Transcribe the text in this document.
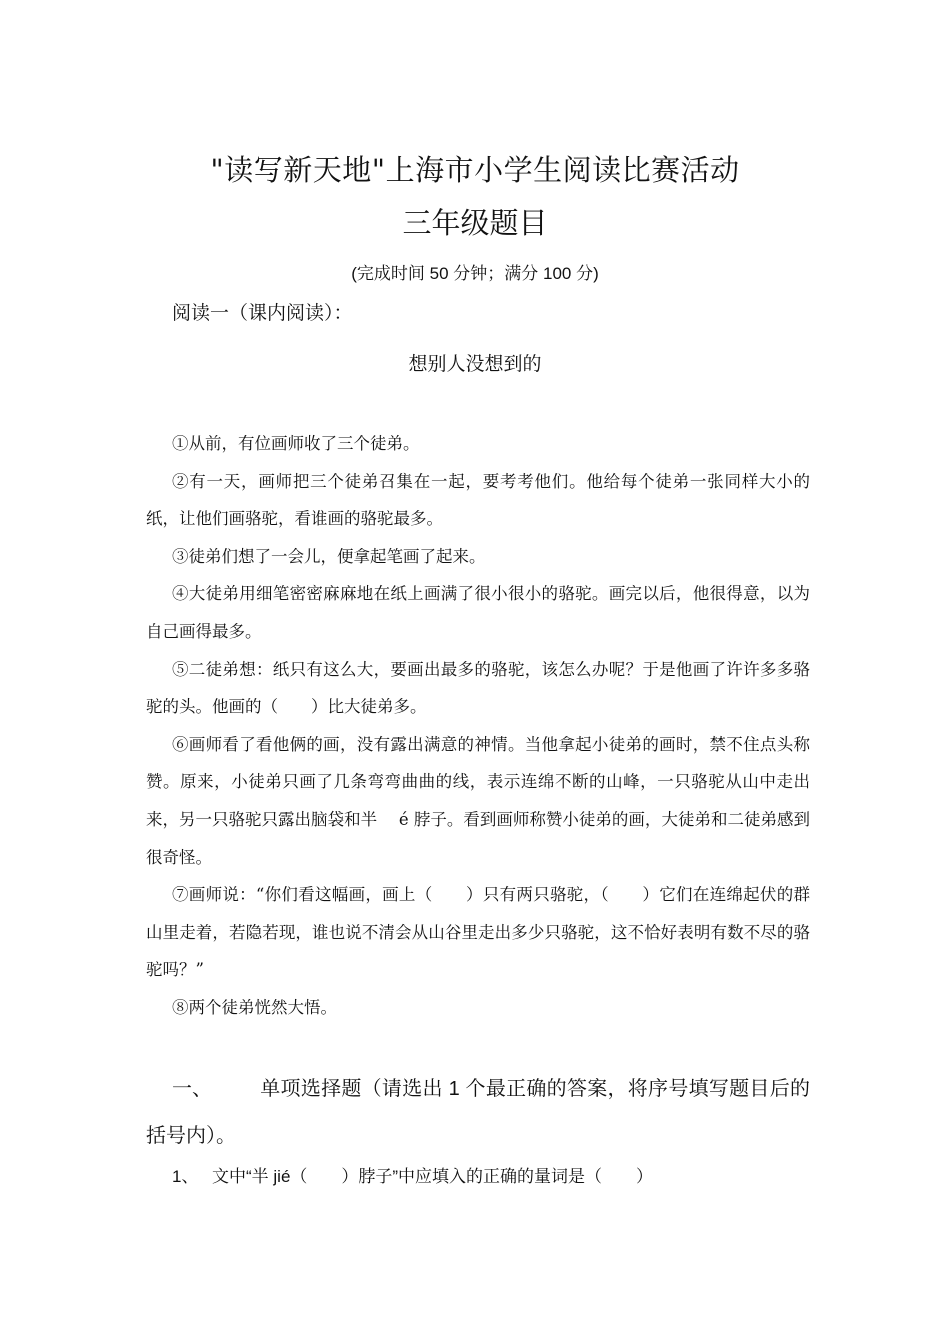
"读写新天地"上海市小学生阅读比赛活动
三年级题目
(完成时间 50 分钟；满分 100 分)
阅读一（课内阅读）：
想别人没想到的

①从前，有位画师收了三个徒弟。

②有一天，画师把三个徒弟召集在一起，要考考他们。他给每个徒弟一张同样大小的纸，让他们画骆驼，看谁画的骆驼最多。

③徒弟们想了一会儿，便拿起笔画了起来。

④大徒弟用细笔密密麻麻地在纸上画满了很小很小的骆驼。画完以后，他很得意，以为自己画得最多。

⑤二徒弟想：纸只有这么大，要画出最多的骆驼，该怎么办呢？于是他画了许许多多骆驼的头。他画的（　　）比大徒弟多。

⑥画师看了看他俩的画，没有露出满意的神情。当他拿起小徒弟的画时，禁不住点头称赞。原来，小徒弟只画了几条弯弯曲曲的线，表示连绵不断的山峰，一只骆驼从山中走出来，另一只骆驼只露出脑袋和半　 é 脖子。看到画师称赞小徒弟的画，大徒弟和二徒弟感到很奇怪。

⑦画师说：“你们看这幅画，画上（　　）只有两只骆驼，（　　）它们在连绵起伏的群山里走着，若隐若现，谁也说不清会从山谷里走出多少只骆驼，这不恰好表明有数不尽的骆驼吗？”

⑧两个徒弟恍然大悟。

一、 单项选择题（请选出 1 个最正确的答案，将序号填写题目后的括号内）。
1、 文中“半 jié（　　）脖子”中应填入的正确的量词是（　　）
